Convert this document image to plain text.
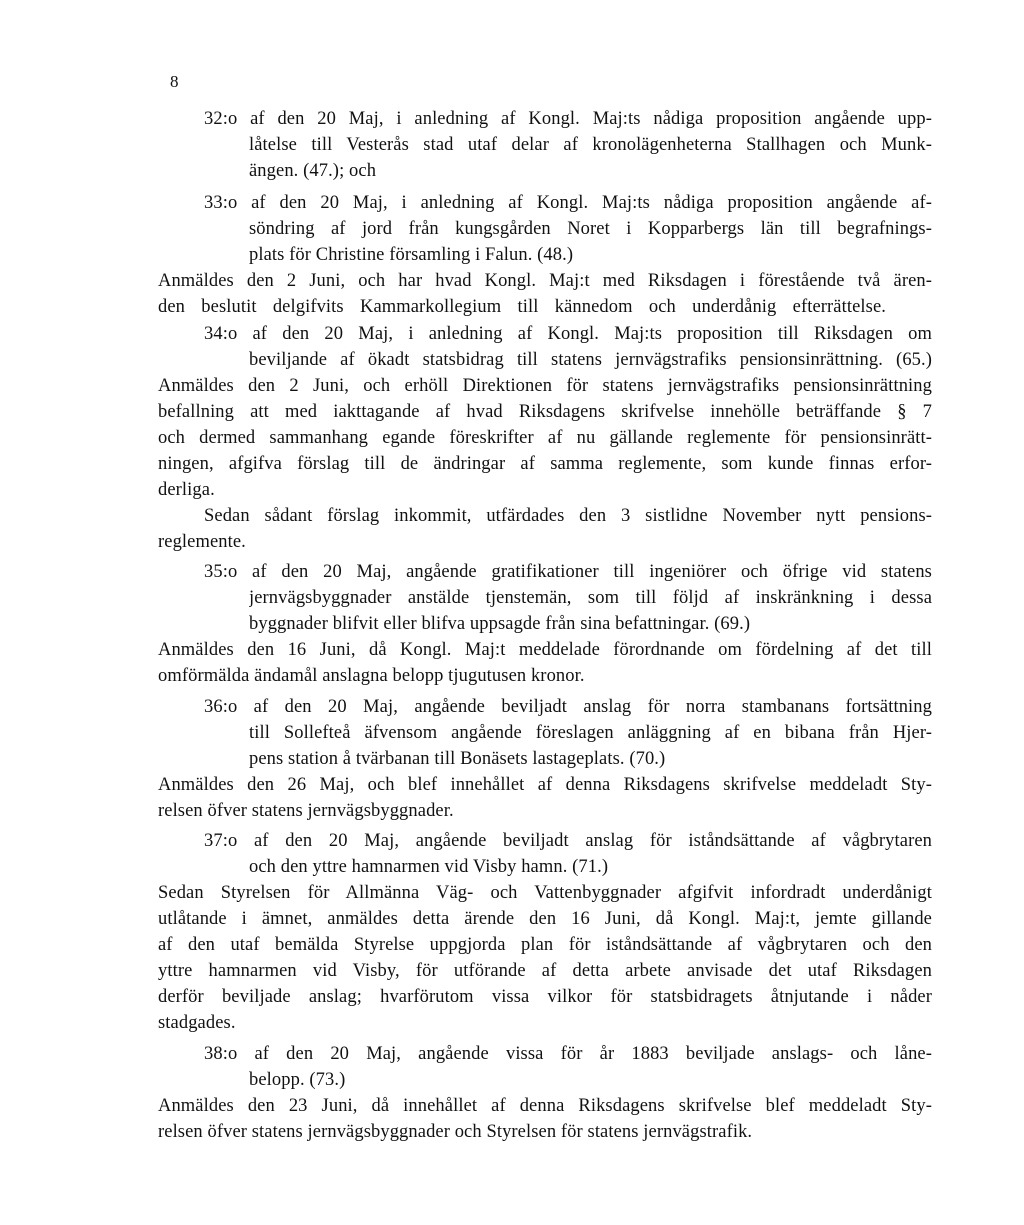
8
32:o af den 20 Maj, i anledning af Kongl. Maj:ts nådiga proposition angående upp-
låtelse till Vesterås stad utaf delar af kronolägenheterna Stallhagen och Munk-
ängen. (47.); och
33:o af den 20 Maj, i anledning af Kongl. Maj:ts nådiga proposition angående af-
söndring af jord från kungsgården Noret i Kopparbergs län till begrafnings-
plats för Christine församling i Falun. (48.)
Anmäldes den 2 Juni, och har hvad Kongl. Maj:t med Riksdagen i förestående två ären-
den beslutit delgifvits Kammarkollegium till kännedom och underdånig efterrättelse.
34:o af den 20 Maj, i anledning af Kongl. Maj:ts proposition till Riksdagen om
beviljande af ökadt statsbidrag till statens jernvägstrafiks pensionsinrättning. (65.)
Anmäldes den 2 Juni, och erhöll Direktionen för statens jernvägstrafiks pensionsinrättning
befallning att med iakttagande af hvad Riksdagens skrifvelse innehölle beträffande § 7
och dermed sammanhang egande föreskrifter af nu gällande reglemente för pensionsinrätt-
ningen, afgifva förslag till de ändringar af samma reglemente, som kunde finnas erfor-
derliga.
Sedan sådant förslag inkommit, utfärdades den 3 sistlidne November nytt pensions-
reglemente.
35:o af den 20 Maj, angående gratifikationer till ingeniörer och öfrige vid statens
jernvägsbyggnader anstälde tjenstemän, som till följd af inskränkning i dessa
byggnader blifvit eller blifva uppsagde från sina befattningar. (69.)
Anmäldes den 16 Juni, då Kongl. Maj:t meddelade förordnande om fördelning af det till
omförmälda ändamål anslagna belopp tjugutusen kronor.
36:o af den 20 Maj, angående beviljadt anslag för norra stambanans fortsättning
till Sollefteå äfvensom angående föreslagen anläggning af en bibana från Hjer-
pens station å tvärbanan till Bonäsets lastageplats. (70.)
Anmäldes den 26 Maj, och blef innehållet af denna Riksdagens skrifvelse meddeladt Sty-
relsen öfver statens jernvägsbyggnader.
37:o af den 20 Maj, angående beviljadt anslag för iståndsättande af vågbrytaren
och den yttre hamnarmen vid Visby hamn. (71.)
Sedan Styrelsen för Allmänna Väg- och Vattenbyggnader afgifvit infordradt underdånigt
utlåtande i ämnet, anmäldes detta ärende den 16 Juni, då Kongl. Maj:t, jemte gillande
af den utaf bemälda Styrelse uppgjorda plan för iståndsättande af vågbrytaren och den
yttre hamnarmen vid Visby, för utförande af detta arbete anvisade det utaf Riksdagen
derför beviljade anslag; hvarförutom vissa vilkor för statsbidragets åtnjutande i nåder
stadgades.
38:o af den 20 Maj, angående vissa för år 1883 beviljade anslags- och låne-
belopp. (73.)
Anmäldes den 23 Juni, då innehållet af denna Riksdagens skrifvelse blef meddeladt Sty-
relsen öfver statens jernvägsbyggnader och Styrelsen för statens jernvägstrafik.
